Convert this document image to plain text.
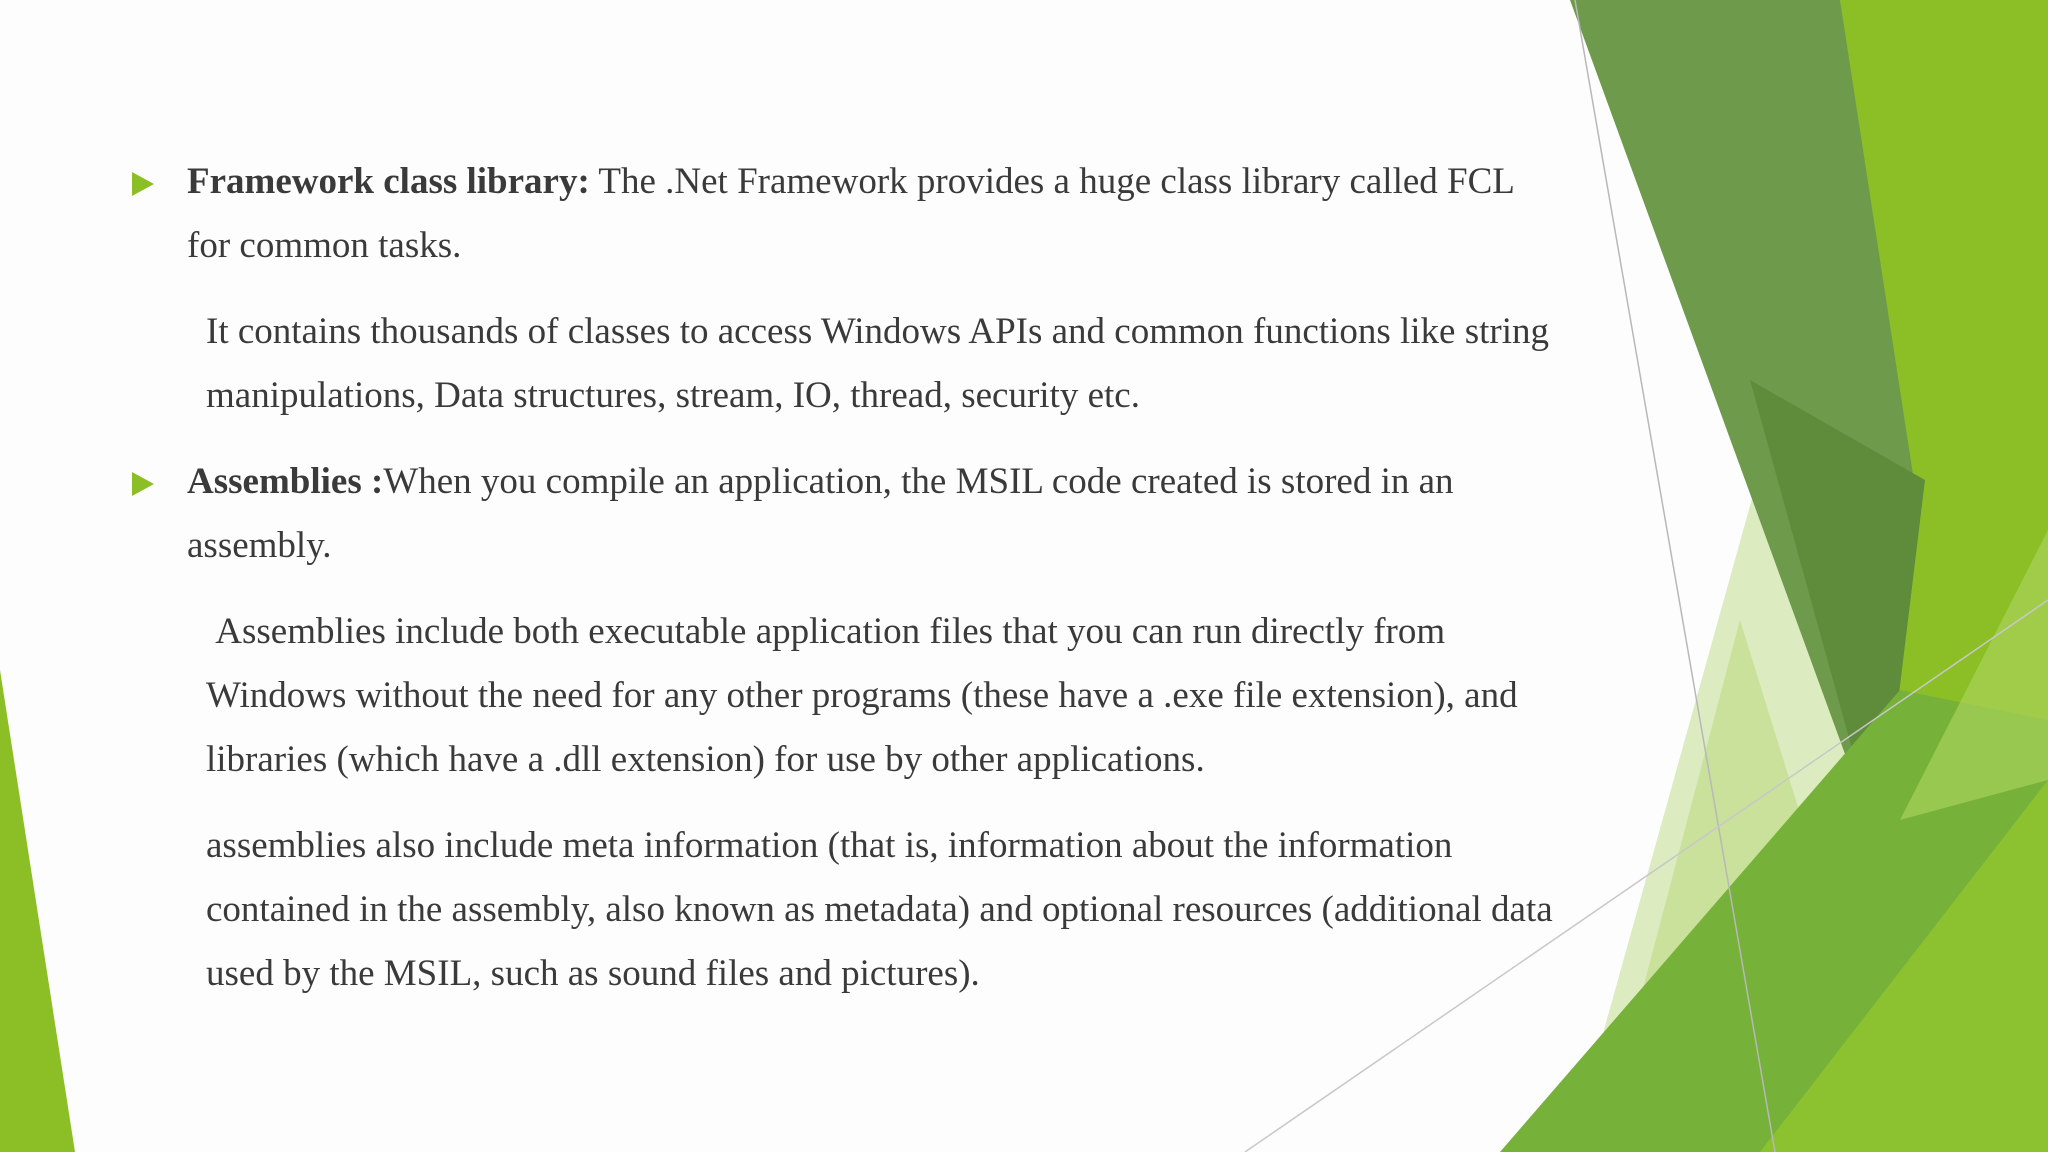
Framework class library: The .Net Framework provides a huge class library called FCL for common tasks.
It contains thousands of classes to access Windows APIs and common functions like string manipulations, Data structures, stream, IO, thread, security etc.
Assemblies :When you compile an application, the MSIL code created is stored in an assembly.
Assemblies include both executable application files that you can run directly from Windows without the need for any other programs (these have a .exe file extension), and libraries (which have a .dll extension) for use by other applications.
assemblies also include meta information (that is, information about the information contained in the assembly, also known as metadata) and optional resources (additional data used by the MSIL, such as sound files and pictures).
